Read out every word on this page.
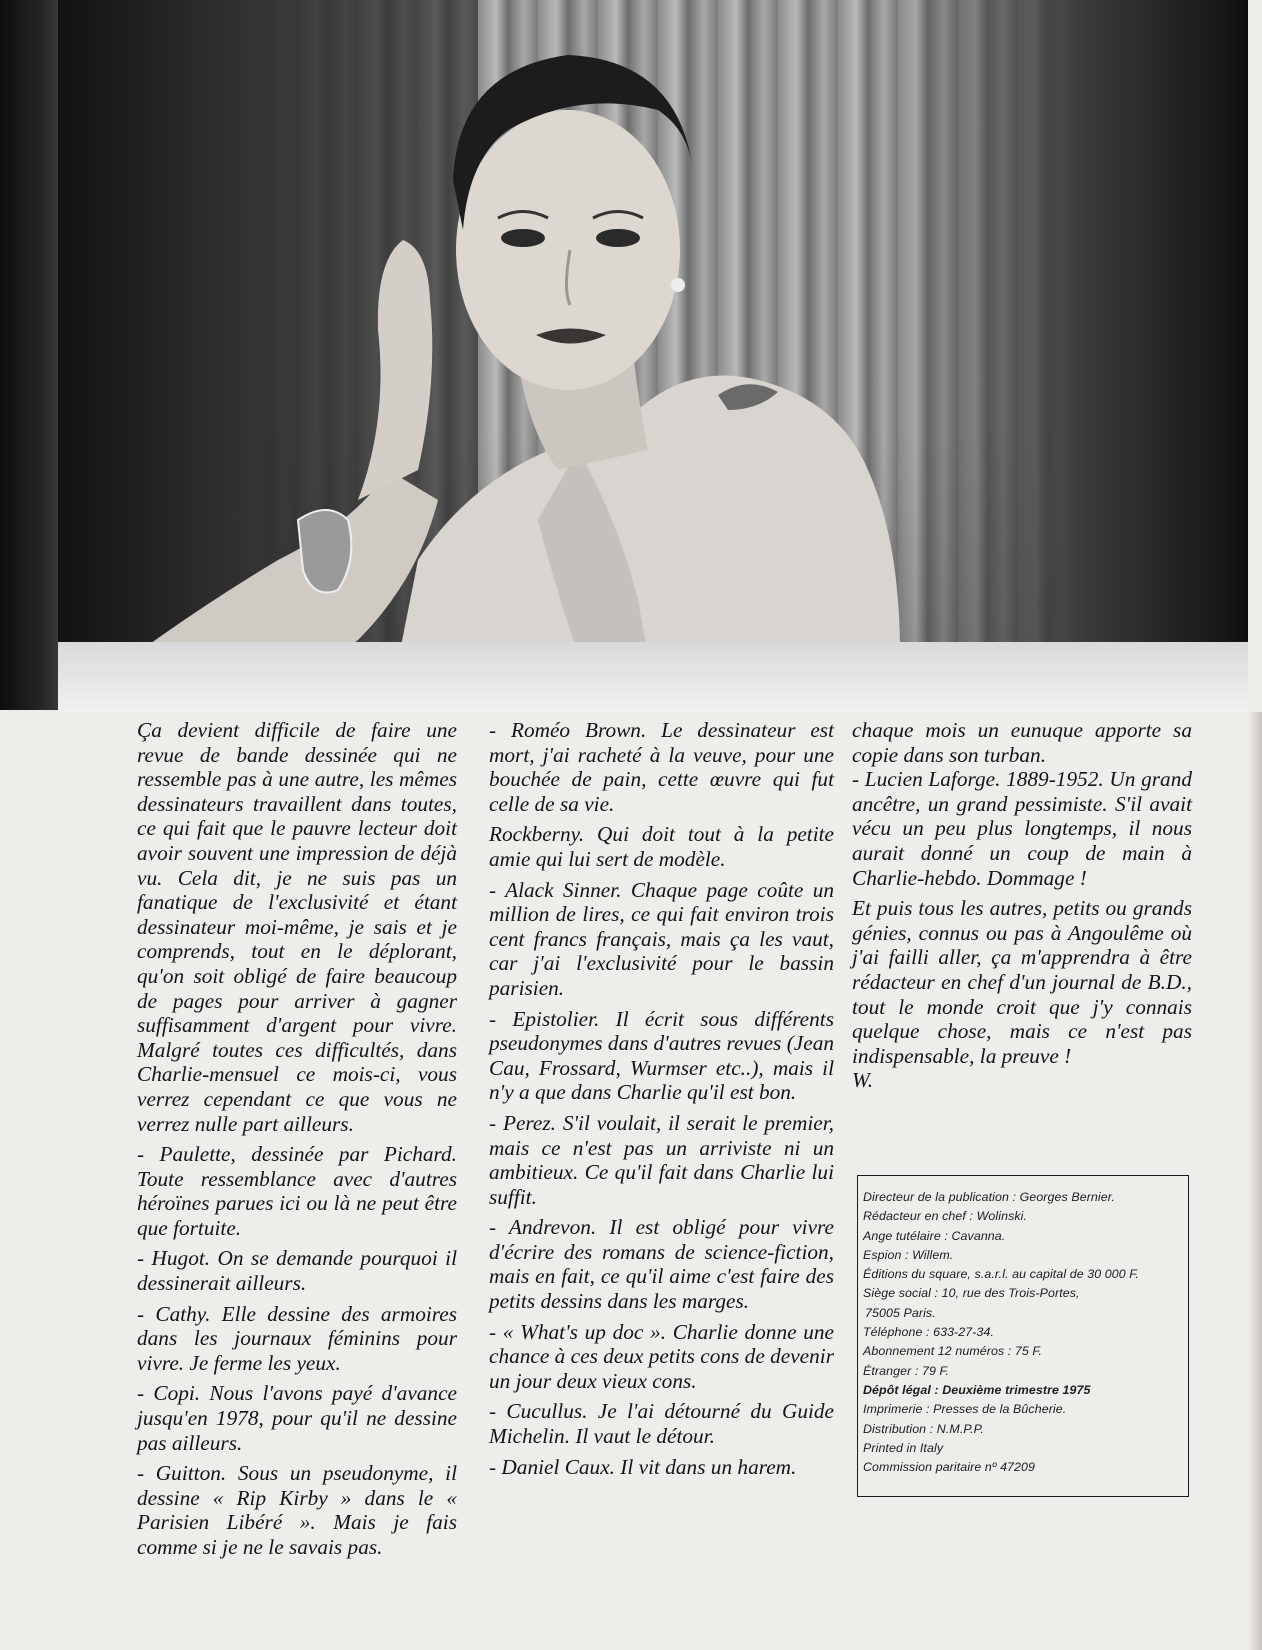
Ça devient difficile de faire une revue de bande dessinée qui ne ressemble pas à une autre, les mêmes dessinateurs travaillent dans toutes, ce qui fait que le pauvre lecteur doit avoir souvent une impression de déjà vu. Cela dit, je ne suis pas un fanatique de l'exclusivité et étant dessinateur moi-même, je sais et je comprends, tout en le déplorant, qu'on soit obligé de faire beaucoup de pages pour arriver à gagner suffisamment d'argent pour vivre. Malgré toutes ces difficultés, dans Charlie-mensuel ce mois-ci, vous verrez cependant ce que vous ne verrez nulle part ailleurs.

- Paulette, dessinée par Pichard. Toute ressemblance avec d'autres héroïnes parues ici ou là ne peut être que fortuite.

- Hugot. On se demande pourquoi il dessinerait ailleurs.

- Cathy. Elle dessine des armoires dans les journaux féminins pour vivre. Je ferme les yeux.

- Copi. Nous l'avons payé d'avance jusqu'en 1978, pour qu'il ne dessine pas ailleurs.

- Guitton. Sous un pseudonyme, il dessine « Rip Kirby » dans le « Parisien Libéré ». Mais je fais comme si je ne le savais pas.

- Roméo Brown. Le dessinateur est mort, j'ai racheté à la veuve, pour une bouchée de pain, cette œuvre qui fut celle de sa vie.

Rockberny. Qui doit tout à la petite amie qui lui sert de modèle.

- Alack Sinner. Chaque page coûte un million de lires, ce qui fait environ trois cent francs français, mais ça les vaut, car j'ai l'exclusivité pour le bassin parisien.

- Epistolier. Il écrit sous différents pseudonymes dans d'autres revues (Jean Cau, Frossard, Wurmser etc..), mais il n'y a que dans Charlie qu'il est bon.

- Perez. S'il voulait, il serait le premier, mais ce n'est pas un arriviste ni un ambitieux. Ce qu'il fait dans Charlie lui suffit.

- Andrevon. Il est obligé pour vivre d'écrire des romans de science-fiction, mais en fait, ce qu'il aime c'est faire des petits dessins dans les marges.

- « What's up doc ». Charlie donne une chance à ces deux petits cons de devenir un jour deux vieux cons.

- Cucullus. Je l'ai détourné du Guide Michelin. Il vaut le détour.

- Daniel Caux. Il vit dans un harem.

chaque mois un eunuque apporte sa copie dans son turban.

- Lucien Laforge. 1889-1952. Un grand ancêtre, un grand pessimiste. S'il avait vécu un peu plus longtemps, il nous aurait donné un coup de main à Charlie-hebdo. Dommage !

Et puis tous les autres, petits ou grands génies, connus ou pas à Angoulême où j'ai failli aller, ça m'apprendra à être rédacteur en chef d'un journal de B.D., tout le monde croit que j'y connais quelque chose, mais ce n'est pas indispensable, la preuve !

W.

Directeur de la publication : Georges Bernier.
Rédacteur en chef : Wolinski.
Ange tutélaire : Cavanna.
Espion : Willem.
Éditions du square, s.a.r.l. au capital de 30 000 F.
Siège social : 10, rue des Trois-Portes,
75005 Paris.
Téléphone : 633-27-34.
Abonnement 12 numéros : 75 F.
Étranger : 79 F.
Dépôt légal : Deuxième trimestre 1975
Imprimerie : Presses de la Bûcherie.
Distribution : N.M.P.P.
Printed in Italy
Commission paritaire nº 47209
